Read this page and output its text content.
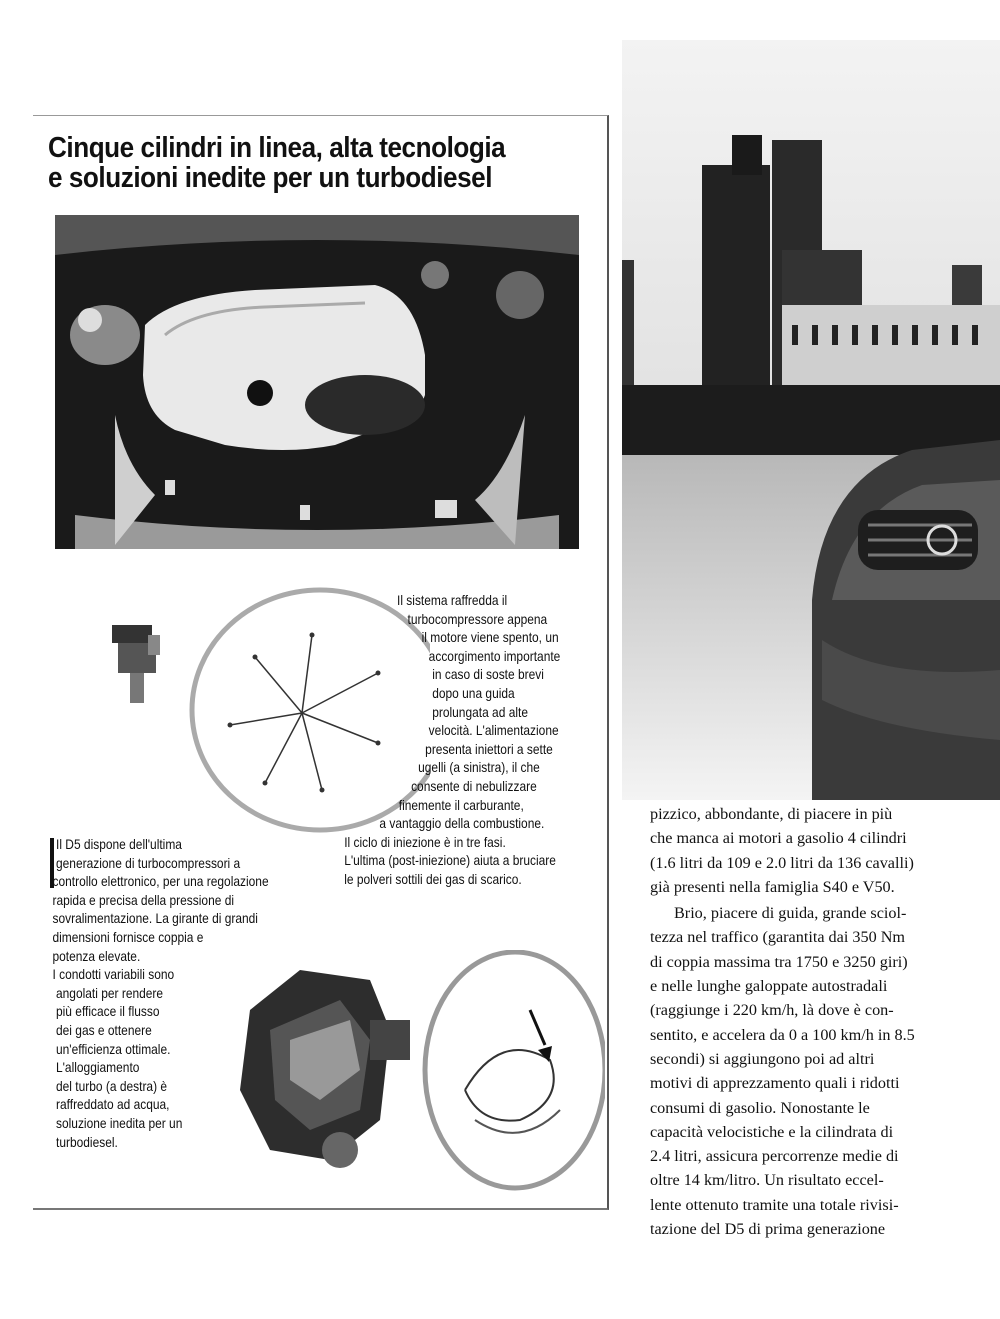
Cinque cilindri in linea, alta tecnologia
e soluzioni inedite per un turbodiesel
Il sistema raffredda il
turbocompressore appena
il motore viene spento, un
accorgimento importante
in caso di soste brevi
dopo una guida
prolungata ad alte
velocità. L'alimentazione
presenta iniettori a sette
ugelli (a sinistra), il che
consente di nebulizzare
finemente il carburante,
a vantaggio della combustione.
Il ciclo di iniezione è in tre fasi.
L'ultima (post-iniezione) aiuta a bruciare
le polveri sottili dei gas di scarico.
Il D5 dispone dell'ultima
generazione di turbocompressori a
controllo elettronico, per una regolazione
rapida e precisa della pressione di
sovralimentazione. La girante di grandi
dimensioni fornisce coppia e
potenza elevate.
I condotti variabili sono
angolati per rendere
più efficace il flusso
dei gas e ottenere
un'efficienza ottimale.
L'alloggiamento
del turbo (a destra) è
raffreddato ad acqua,
soluzione inedita per un
turbodiesel.

pizzico, abbondante, di piacere in più
che manca ai motori a gasolio 4 cilindri
(1.6 litri da 109 e 2.0 litri da 136 cavalli)
già presenti nella famiglia S40 e V50.

Brio, piacere di guida, grande sciol-
tezza nel traffico (garantita dai 350 Nm
di coppia massima tra 1750 e 3250 giri)
e nelle lunghe galoppate autostradali
(raggiunge i 220 km/h, là dove è con-
sentito, e accelera da 0 a 100 km/h in 8.5
secondi) si aggiungono poi ad altri
motivi di apprezzamento quali i ridotti
consumi di gasolio. Nonostante le
capacità velocistiche e la cilindrata di
2.4 litri, assicura percorrenze medie di
oltre 14 km/litro. Un risultato eccel-
lente ottenuto tramite una totale rivisi-
tazione del D5 di prima generazione
